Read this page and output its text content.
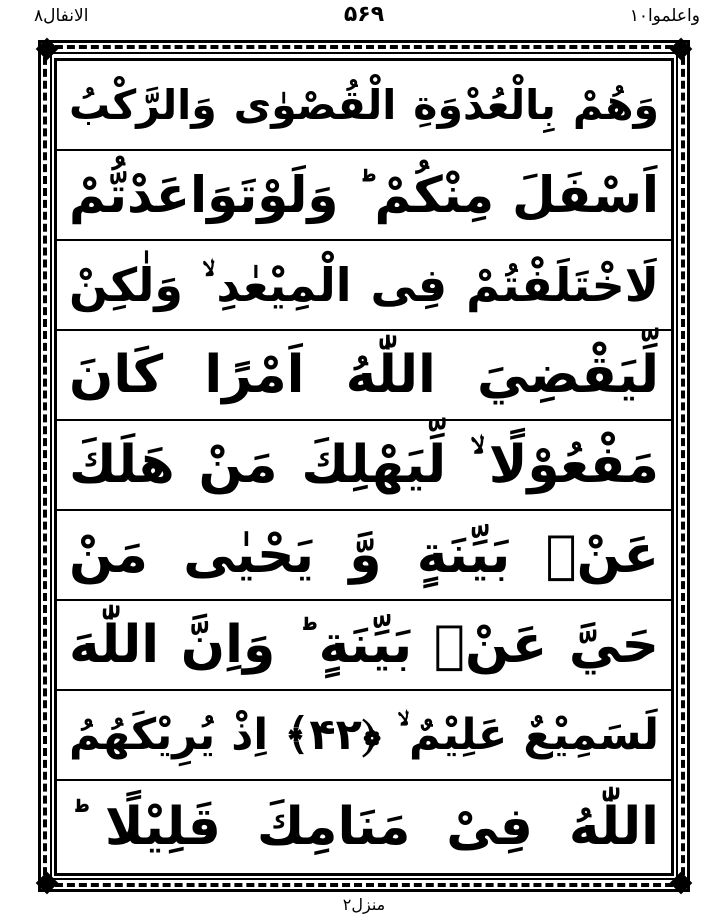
واعلموا۱۰
۵۶۹
الانفال۸
وَهُمْ بِالْعُدْوَةِ الْقُصْوٰى وَالرَّكْبُ
اَسْفَلَ مِنْكُمْ ؕ وَلَوْتَوَاعَدْتُّمْ
لَاخْتَلَفْتُمْ فِى الْمِيْعٰدِ ۙ وَلٰكِنْ
لِّيَقْضِيَ اللّٰهُ اَمْرًا كَانَ
مَفْعُوْلًا ۙ لِّيَهْلِكَ مَنْ هَلَكَ
عَنْۢ بَيِّنَةٍ وَّ يَحْيٰى مَنْ
حَيَّ عَنْۢ بَيِّنَةٍ ؕ وَاِنَّ اللّٰهَ
لَسَمِيْعٌ عَلِيْمٌ ۙ ﴿۴۲﴾ اِذْ يُرِيْكَهُمُ
اللّٰهُ فِىْ مَنَامِكَ قَلِيْلًا ؕ
منزل۲
